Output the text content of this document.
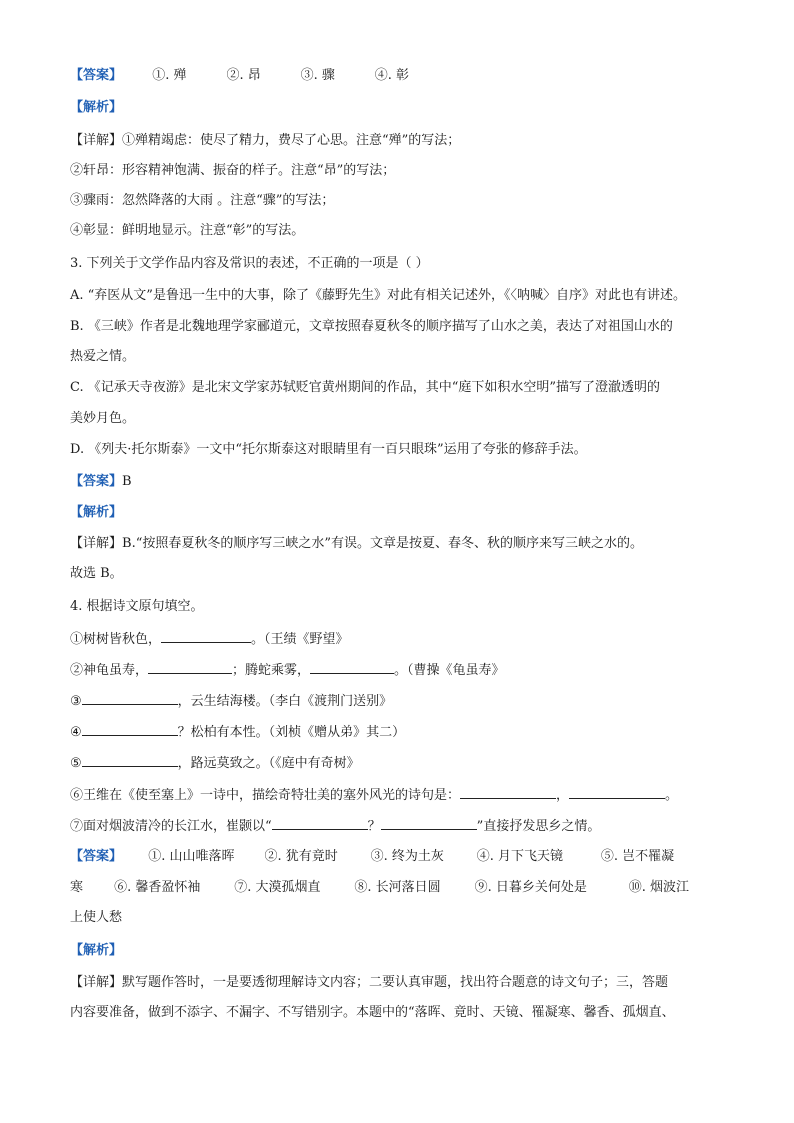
【答案】 ①. 殚	②. 昂	③. 骤	④. 彰
【解析】
【详解】①殚精竭虑：使尽了精力，费尽了心思。注意“殚”的写法；
②轩昂：形容精神饱满、振奋的样子。注意“昂”的写法；
③骤雨：忽然降落的大雨 。注意“骤”的写法；
④彰显：鲜明地显示。注意“彰”的写法。
3. 下列关于文学作品内容及常识的表述，不正确的一项是（ ）
A. “弃医从文”是鲁迅一生中的大事，除了《藤野先生》对此有相关记述外，《〈呐喊〉自序》对此也有讲述。
B. 《三峡》作者是北魏地理学家郦道元，文章按照春夏秋冬的顺序描写了山水之美，表达了对祖国山水的
热爱之情。
C. 《记承天寺夜游》是北宋文学家苏轼贬官黄州期间的作品，其中“庭下如积水空明”描写了澄澈透明的
美妙月色。
D. 《列夫·托尔斯泰》一文中“托尔斯泰这对眼睛里有一百只眼珠”运用了夸张的修辞手法。
【答案】B
【解析】
【详解】B.“按照春夏秋冬的顺序写三峡之水”有误。文章是按夏、春冬、秋的顺序来写三峡之水的。
故选 B。
4. 根据诗文原句填空。
①树树皆秋色，	。（王绩《野望》
②神龟虽寿，	；腾蛇乘雾，	。（曹操《龟虽寿》
③	，云生结海楼。（李白《渡荆门送别》
④	？松柏有本性。（刘桢《赠从弟》其二）
⑤	，路远莫致之。（《庭中有奇树》
⑥王维在《使至塞上》一诗中，描绘奇特壮美的塞外风光的诗句是：	，	。
⑦面对烟波清冷的长江水，崔颢以“	？	”直接抒发思乡之情。
【答案】 ①. 山山唯落晖 ②. 犹有竟时	③. 终为土灰	④. 月下飞天镜	⑤. 岂不罹凝
寒 ⑥. 馨香盈怀袖	⑦. 大漠孤烟直	⑧. 长河落日圆	⑨. 日暮乡关何处是	⑩. 烟波江
上使人愁
【解析】
【详解】默写题作答时，一是要透彻理解诗文内容；二要认真审题，找出符合题意的诗文句子；三，答题
内容要准备，做到不添字、不漏字、不写错别字。本题中的“落晖、竟时、天镜、罹凝寒、馨香、孤烟直、
